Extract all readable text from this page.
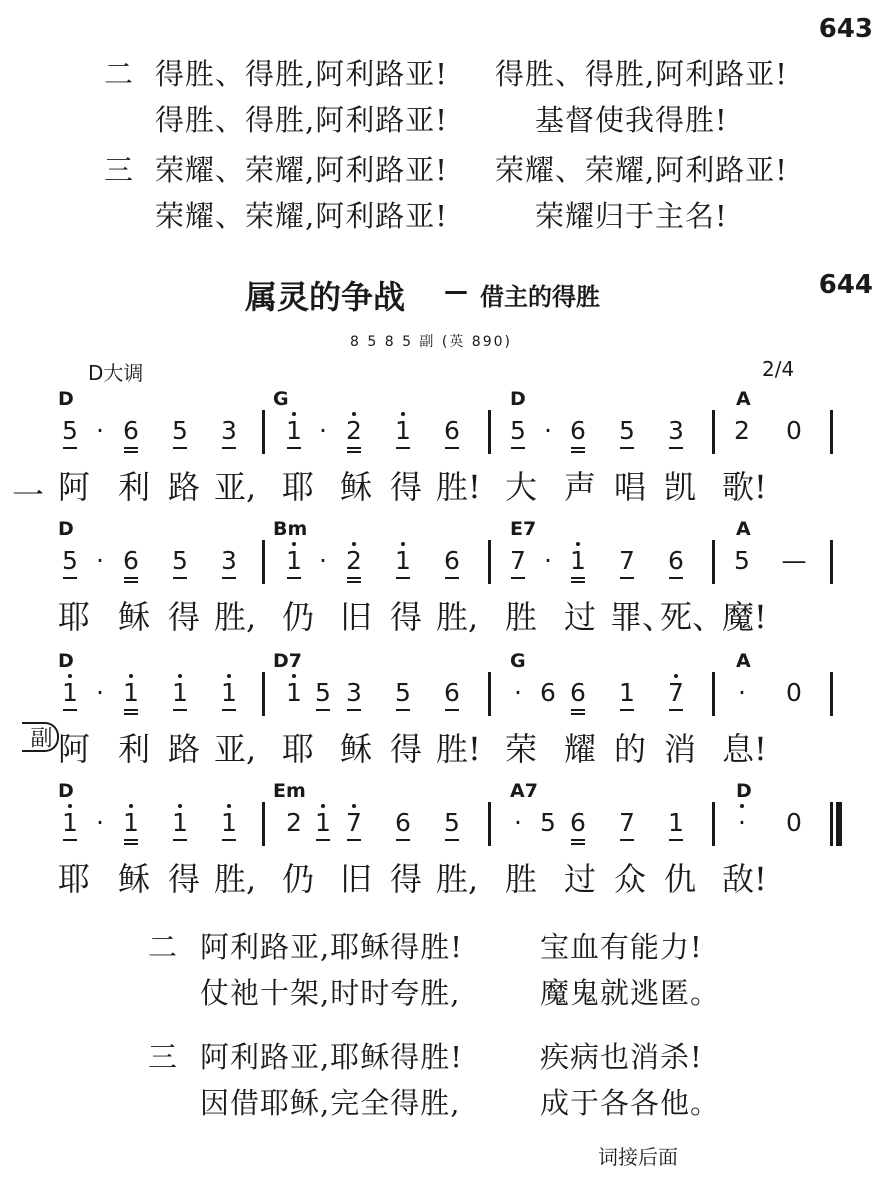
643
二 得胜、得胜,阿利路亚! 得胜、得胜,阿利路亚!
得胜、得胜,阿利路亚!	基督使我得胜!
三 荣耀、荣耀,阿利路亚! 荣耀、荣耀,阿利路亚!
荣耀、荣耀,阿利路亚!	荣耀归于主名!
644
属灵的争战 — 借主的得胜
8 5 8 5 副 (英 890)
D大调	2/4
D	G	D	A
5 · 6 5 3 1 · 2 1 6 5 · 6 5 3 2 0
阿 利 路 亚, 耶 稣 得 胜! 大 声 唱 凯 歌!
D	Bm	E7	A
5 · 6 5 3 1 · 2 1 6 7 · 1 7 6 5 —
耶 稣 得 胜, 仍 旧 得 胜, 胜 过 罪、
死、
魔!
D	D7	G	A
1 · 1 1 1 1 5 3 5 6	· 6 6 1 7	·	0
阿 利 路 亚, 耶 稣 得 胜! 荣 耀 的 消 息!
D	Em	A7	D
1 · 1 1 1 2 1 7 6 5	· 5 6 7 1	·	0
耶 稣 得 胜, 仍 旧 得 胜, 胜 过 众 仇 敌!
一
副
二 阿利路亚,耶稣得胜!	宝血有能力!
仗祂十架,时时夸胜,	魔鬼就逃匿。
三 阿利路亚,耶稣得胜!	疾病也消杀!
因借耶稣,完全得胜,	成于各各他。
词接后面
